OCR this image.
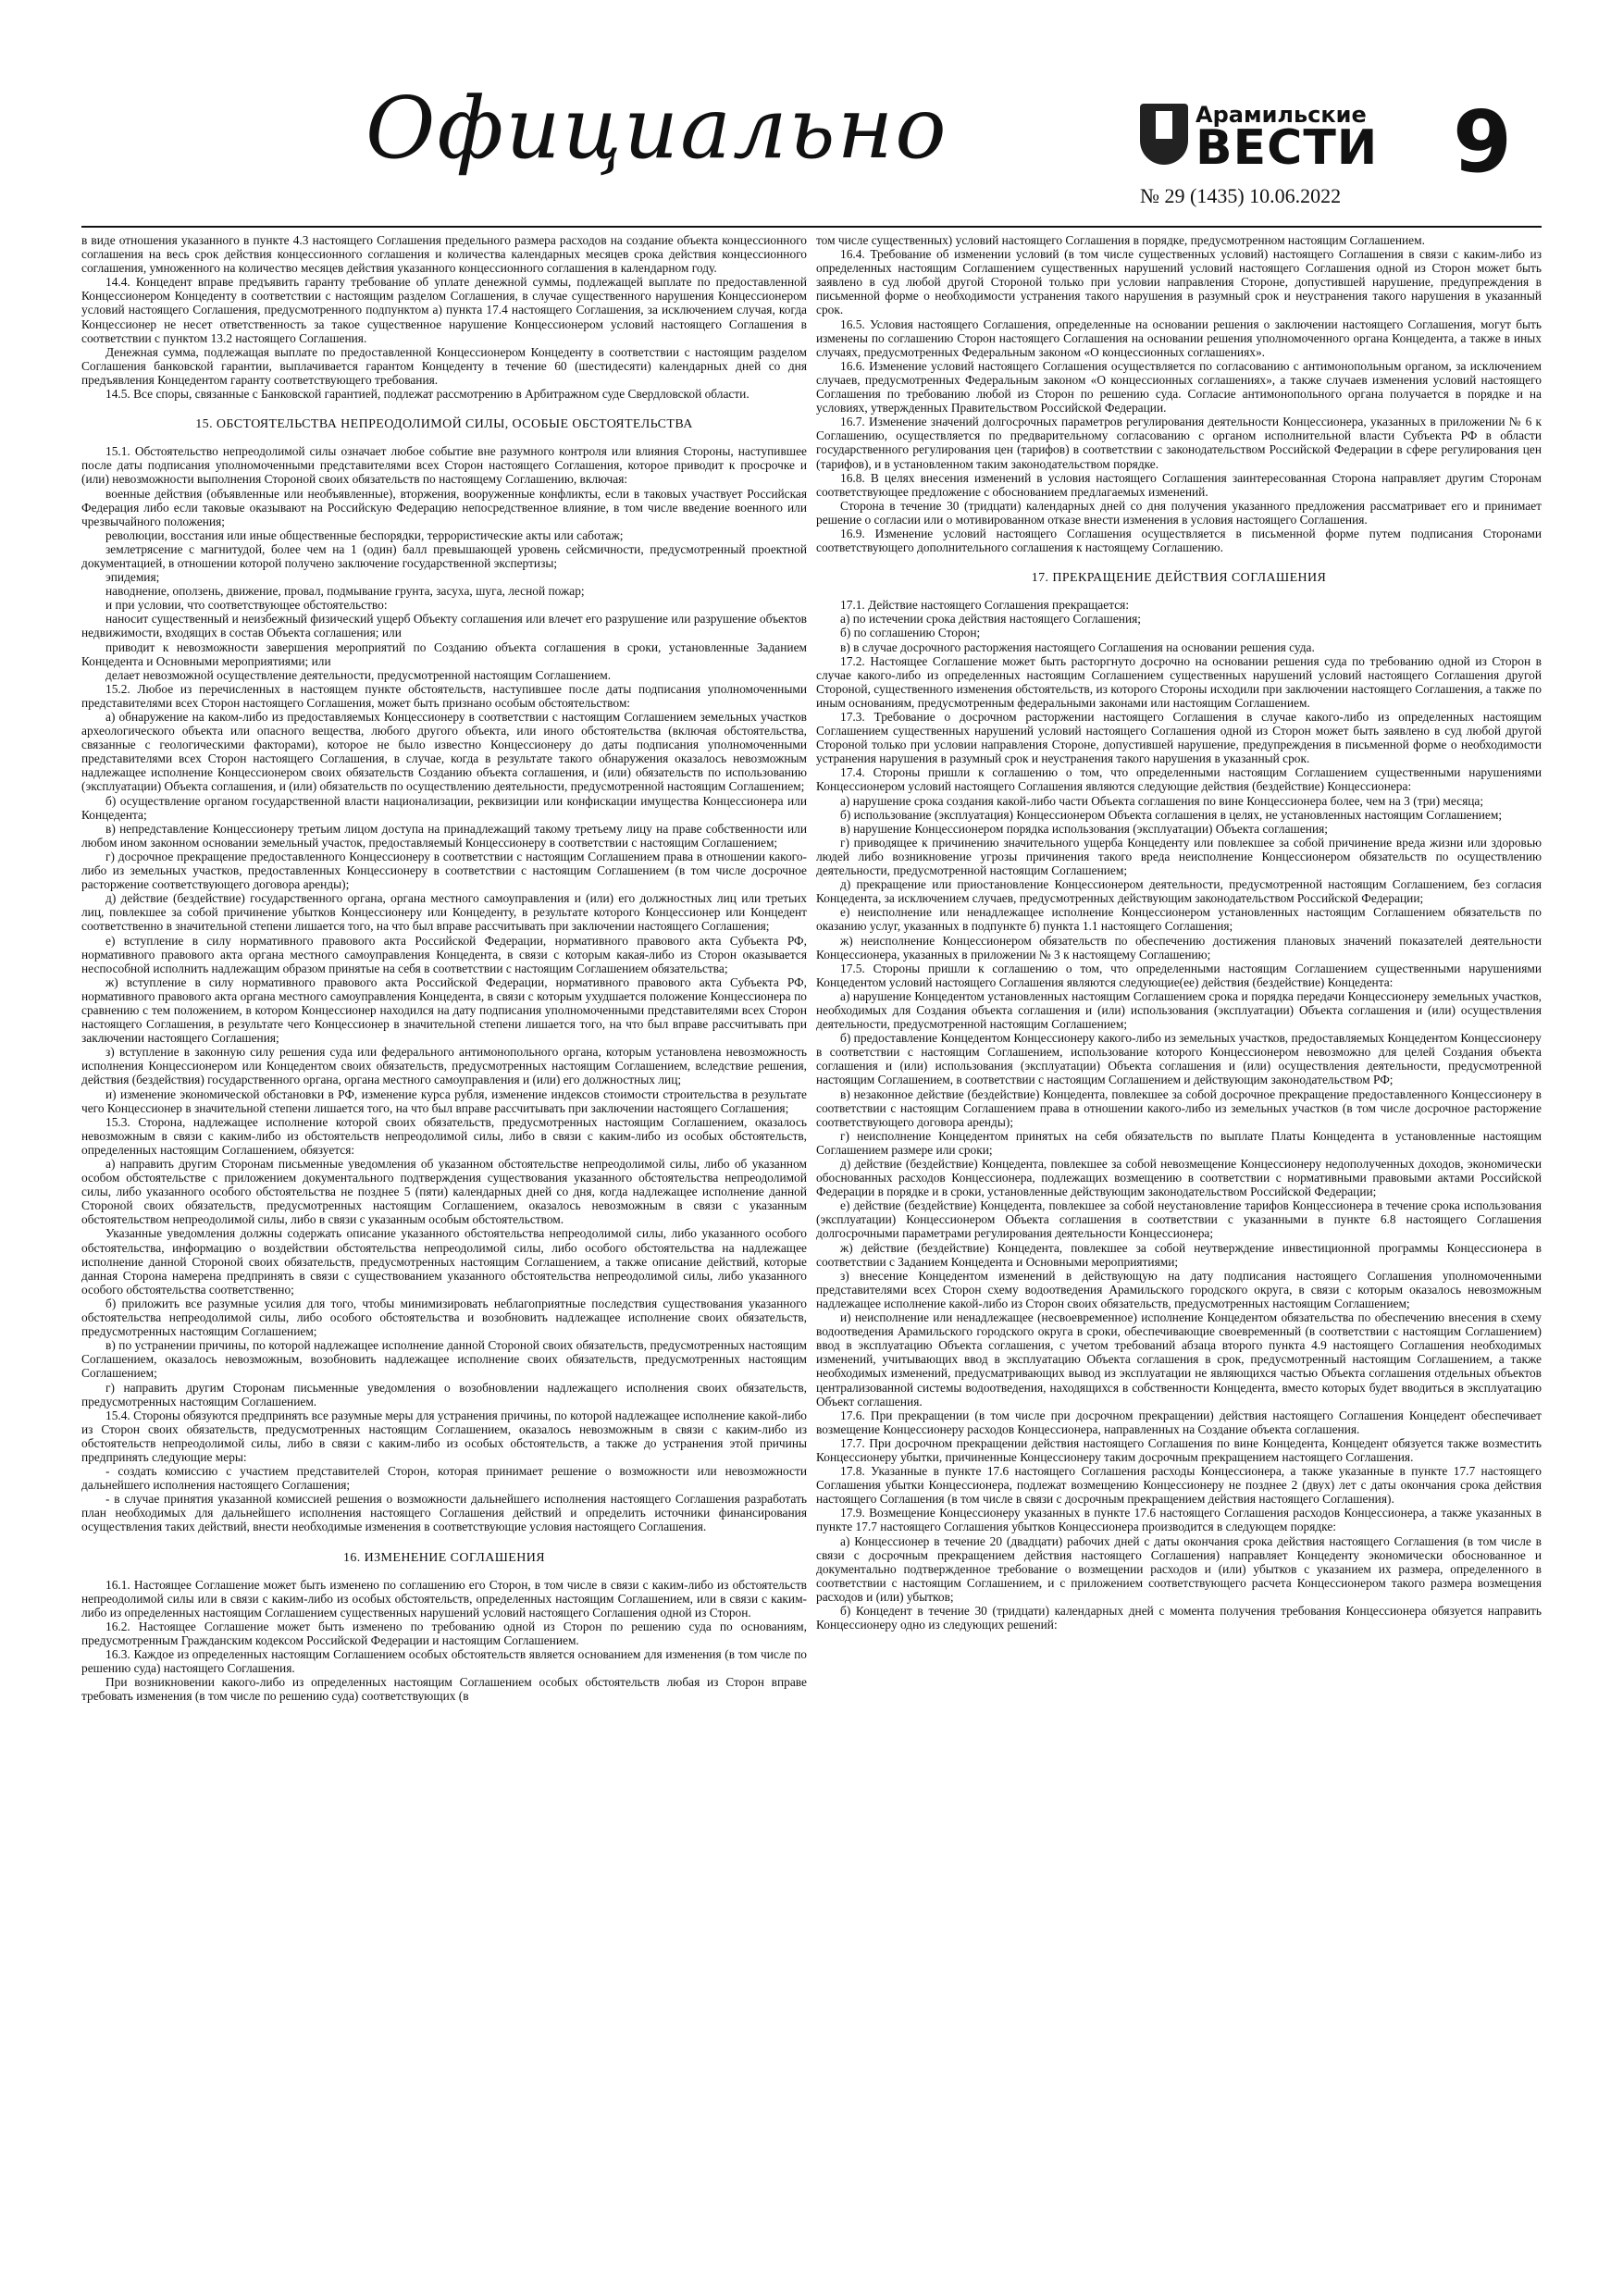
Официально	Арамильские
ВЕСТИ
№ 29 (1435) 10.06.2022
9

в виде отношения указанного в пункте 4.3 настоящего Соглашения предельного размера расходов на создание объекта концессионного соглашения на весь срок действия концессионного соглашения и количества календарных месяцев срока действия концессионного соглашения, умноженного на количество месяцев действия указанного концессионного соглашения в календарном году.

14.4. Концедент вправе предъявить гаранту требование об уплате денежной суммы, подлежащей выплате по предоставленной Концессионером Концеденту в соответствии с настоящим разделом Соглашения, в случае существенного нарушения Концессионером условий настоящего Соглашения, предусмотренного подпунктом а) пункта 17.4 настоящего Соглашения, за исключением случая, когда Концессионер не несет ответственность за такое существенное нарушение Концессионером условий настоящего Соглашения в соответствии с пунктом 13.2 настоящего Соглашения.

Денежная сумма, подлежащая выплате по предоставленной Концессионером Концеденту в соответствии с настоящим разделом Соглашения банковской гарантии, выплачивается гарантом Концеденту в течение 60 (шестидесяти) календарных дней со дня предъявления Концедентом гаранту соответствующего требования.

14.5. Все споры, связанные с Банковской гарантией, подлежат рассмотрению в Арбитражном суде Свердловской области.

15. ОБСТОЯТЕЛЬСТВА НЕПРЕОДОЛИМОЙ СИЛЫ, ОСОБЫЕ ОБСТОЯТЕЛЬСТВА

15.1. Обстоятельство непреодолимой силы означает любое событие вне разумного контроля или влияния Стороны, наступившее после даты подписания уполномоченными представителями всех Сторон настоящего Соглашения, которое приводит к просрочке и (или) невозможности выполнения Стороной своих обязательств по настоящему Соглашению, включая:

военные действия (объявленные или необъявленные), вторжения, вооруженные конфликты, если в таковых участвует Российская Федерация либо если таковые оказывают на Российскую Федерацию непосредственное влияние, в том числе введение военного или чрезвычайного положения;

революции, восстания или иные общественные беспорядки, террористические акты или саботаж;

землетрясение с магнитудой, более чем на 1 (один) балл превышающей уровень сейсмичности, предусмотренный проектной документацией, в отношении которой получено заключение государственной экспертизы;

эпидемия;

наводнение, оползень, движение, провал, подмывание грунта, засуха, шуга, лесной пожар;

и при условии, что соответствующее обстоятельство:

наносит существенный и неизбежный физический ущерб Объекту соглашения или влечет его разрушение или разрушение объектов недвижимости, входящих в состав Объекта соглашения; или

приводит к невозможности завершения мероприятий по Созданию объекта соглашения в сроки, установленные Заданием Концедента и Основными мероприятиями; или

делает невозможной осуществление деятельности, предусмотренной настоящим Соглашением.

15.2. Любое из перечисленных в настоящем пункте обстоятельств, наступившее после даты подписания уполномоченными представителями всех Сторон настоящего Соглашения, может быть признано особым обстоятельством:

а) обнаружение на каком-либо из предоставляемых Концессионеру в соответствии с настоящим Соглашением земельных участков археологического объекта или опасного вещества, любого другого объекта, или иного обстоятельства (включая обстоятельства, связанные с геологическими факторами), которое не было известно Концессионеру до даты подписания уполномоченными представителями всех Сторон настоящего Соглашения, в случае, когда в результате такого обнаружения оказалось невозможным надлежащее исполнение Концессионером своих обязательств Созданию объекта соглашения, и (или) обязательств по использованию (эксплуатации) Объекта соглашения, и (или) обязательств по осуществлению деятельности, предусмотренной настоящим Соглашением;

б) осуществление органом государственной власти национализации, реквизиции или конфискации имущества Концессионера или Концедента;

в) непредставление Концессионеру третьим лицом доступа на принадлежащий такому третьему лицу на праве собственности или любом ином законном основании земельный участок, предоставляемый Концессионеру в соответствии с настоящим Соглашением;

г) досрочное прекращение предоставленного Концессионеру в соответствии с настоящим Соглашением права в отношении какого-либо из земельных участков, предоставленных Концессионеру в соответствии с настоящим Соглашением (в том числе досрочное расторжение соответствующего договора аренды);

д) действие (бездействие) государственного органа, органа местного самоуправления и (или) его должностных лиц или третьих лиц, повлекшее за собой причинение убытков Концессионеру или Концеденту, в результате которого Концессионер или Концедент соответственно в значительной степени лишается того, на что был вправе рассчитывать при заключении настоящего Соглашения;

е) вступление в силу нормативного правового акта Российской Федерации, нормативного правового акта Субъекта РФ, нормативного правового акта органа местного самоуправления Концедента, в связи с которым какая-либо из Сторон оказывается неспособной исполнить надлежащим образом принятые на себя в соответствии с настоящим Соглашением обязательства;

ж) вступление в силу нормативного правового акта Российской Федерации, нормативного правового акта Субъекта РФ, нормативного правового акта органа местного самоуправления Концедента, в связи с которым ухудшается положение Концессионера по сравнению с тем положением, в котором Концессионер находился на дату подписания уполномоченными представителями всех Сторон настоящего Соглашения, в результате чего Концессионер в значительной степени лишается того, на что был вправе рассчитывать при заключении настоящего Соглашения;

з) вступление в законную силу решения суда или федерального антимонопольного органа, которым установлена невозможность исполнения Концессионером или Концедентом своих обязательств, предусмотренных настоящим Соглашением, вследствие решения, действия (бездействия) государственного органа, органа местного самоуправления и (или) его должностных лиц;

и) изменение экономической обстановки в РФ, изменение курса рубля, изменение индексов стоимости строительства в результате чего Концессионер в значительной степени лишается того, на что был вправе рассчитывать при заключении настоящего Соглашения;

15.3. Сторона, надлежащее исполнение которой своих обязательств, предусмотренных настоящим Соглашением, оказалось невозможным в связи с каким-либо из обстоятельств непреодолимой силы, либо в связи с каким-либо из особых обстоятельств, определенных настоящим Соглашением, обязуется:

а) направить другим Сторонам письменные уведомления об указанном обстоятельстве непреодолимой силы, либо об указанном особом обстоятельстве с приложением документального подтверждения существования указанного обстоятельства непреодолимой силы, либо указанного особого обстоятельства не позднее 5 (пяти) календарных дней со дня, когда надлежащее исполнение данной Стороной своих обязательств, предусмотренных настоящим Соглашением, оказалось невозможным в связи с указанным обстоятельством непреодолимой силы, либо в связи с указанным особым обстоятельством.

Указанные уведомления должны содержать описание указанного обстоятельства непреодолимой силы, либо указанного особого обстоятельства, информацию о воздействии обстоятельства непреодолимой силы, либо особого обстоятельства на надлежащее исполнение данной Стороной своих обязательств, предусмотренных настоящим Соглашением, а также описание действий, которые данная Сторона намерена предпринять в связи с существованием указанного обстоятельства непреодолимой силы, либо указанного особого обстоятельства соответственно;

б) приложить все разумные усилия для того, чтобы минимизировать неблагоприятные последствия существования указанного обстоятельства непреодолимой силы, либо особого обстоятельства и возобновить надлежащее исполнение своих обязательств, предусмотренных настоящим Соглашением;

в) по устранении причины, по которой надлежащее исполнение данной Стороной своих обязательств, предусмотренных настоящим Соглашением, оказалось невозможным, возобновить надлежащее исполнение своих обязательств, предусмотренных настоящим Соглашением;

г) направить другим Сторонам письменные уведомления о возобновлении надлежащего исполнения своих обязательств, предусмотренных настоящим Соглашением.

15.4. Стороны обязуются предпринять все разумные меры для устранения причины, по которой надлежащее исполнение какой-либо из Сторон своих обязательств, предусмотренных настоящим Соглашением, оказалось невозможным в связи с каким-либо из обстоятельств непреодолимой силы, либо в связи с каким-либо из особых обстоятельств, а также до устранения этой причины предпринять следующие меры:

- создать комиссию с участием представителей Сторон, которая принимает решение о возможности или невозможности дальнейшего исполнения настоящего Соглашения;

- в случае принятия указанной комиссией решения о возможности дальнейшего исполнения настоящего Соглашения разработать план необходимых для дальнейшего исполнения настоящего Соглашения действий и определить источники финансирования осуществления таких действий, внести необходимые изменения в соответствующие условия настоящего Соглашения.

16. ИЗМЕНЕНИЕ СОГЛАШЕНИЯ

16.1. Настоящее Соглашение может быть изменено по соглашению его Сторон, в том числе в связи с каким-либо из обстоятельств непреодолимой силы или в связи с каким-либо из особых обстоятельств, определенных настоящим Соглашением, или в связи с каким-либо из определенных настоящим Соглашением существенных нарушений условий настоящего Соглашения одной из Сторон.

16.2. Настоящее Соглашение может быть изменено по требованию одной из Сторон по решению суда по основаниям, предусмотренным Гражданским кодексом Российской Федерации и настоящим Соглашением.

16.3. Каждое из определенных настоящим Соглашением особых обстоятельств является основанием для изменения (в том числе по решению суда) настоящего Соглашения.

При возникновении какого-либо из определенных настоящим Соглашением особых обстоятельств любая из Сторон вправе требовать изменения (в том числе по решению суда) соответствующих (в

том числе существенных) условий настоящего Соглашения в порядке, предусмотренном настоящим Соглашением.

16.4. Требование об изменении условий (в том числе существенных условий) настоящего Соглашения в связи с каким-либо из определенных настоящим Соглашением существенных нарушений условий настоящего Соглашения одной из Сторон может быть заявлено в суд любой другой Стороной только при условии направления Стороне, допустившей нарушение, предупреждения в письменной форме о необходимости устранения такого нарушения в разумный срок и неустранения такого нарушения в указанный срок.

16.5. Условия настоящего Соглашения, определенные на основании решения о заключении настоящего Соглашения, могут быть изменены по соглашению Сторон настоящего Соглашения на основании решения уполномоченного органа Концедента, а также в иных случаях, предусмотренных Федеральным законом «О концессионных соглашениях».

16.6. Изменение условий настоящего Соглашения осуществляется по согласованию с антимонопольным органом, за исключением случаев, предусмотренных Федеральным законом «О концессионных соглашениях», а также случаев изменения условий настоящего Соглашения по требованию любой из Сторон по решению суда. Согласие антимонопольного органа получается в порядке и на условиях, утвержденных Правительством Российской Федерации.

16.7. Изменение значений долгосрочных параметров регулирования деятельности Концессионера, указанных в приложении № 6 к Соглашению, осуществляется по предварительному согласованию с органом исполнительной власти Субъекта РФ в области государственного регулирования цен (тарифов) в соответствии с законодательством Российской Федерации в сфере регулирования цен (тарифов), и в установленном таким законодательством порядке.

16.8. В целях внесения изменений в условия настоящего Соглашения заинтересованная Сторона направляет другим Сторонам соответствующее предложение с обоснованием предлагаемых изменений.

Сторона в течение 30 (тридцати) календарных дней со дня получения указанного предложения рассматривает его и принимает решение о согласии или о мотивированном отказе внести изменения в условия настоящего Соглашения.

16.9. Изменение условий настоящего Соглашения осуществляется в письменной форме путем подписания Сторонами соответствующего дополнительного соглашения к настоящему Соглашению.

17. ПРЕКРАЩЕНИЕ ДЕЙСТВИЯ СОГЛАШЕНИЯ

17.1. Действие настоящего Соглашения прекращается:

а) по истечении срока действия настоящего Соглашения;

б) по соглашению Сторон;

в) в случае досрочного расторжения настоящего Соглашения на основании решения суда.

17.2. Настоящее Соглашение может быть расторгнуто досрочно на основании решения суда по требованию одной из Сторон в случае какого-либо из определенных настоящим Соглашением существенных нарушений условий настоящего Соглашения другой Стороной, существенного изменения обстоятельств, из которого Стороны исходили при заключении настоящего Соглашения, а также по иным основаниям, предусмотренным федеральными законами или настоящим Соглашением.

17.3. Требование о досрочном расторжении настоящего Соглашения в случае какого-либо из определенных настоящим Соглашением существенных нарушений условий настоящего Соглашения одной из Сторон может быть заявлено в суд любой другой Стороной только при условии направления Стороне, допустившей нарушение, предупреждения в письменной форме о необходимости устранения нарушения в разумный срок и неустранения такого нарушения в указанный срок.

17.4. Стороны пришли к соглашению о том, что определенными настоящим Соглашением существенными нарушениями Концессионером условий настоящего Соглашения являются следующие действия (бездействие) Концессионера:

а) нарушение срока создания какой-либо части Объекта соглашения по вине Концессионера более, чем на 3 (три) месяца;

б) использование (эксплуатация) Концессионером Объекта соглашения в целях, не установленных настоящим Соглашением;

в) нарушение Концессионером порядка использования (эксплуатации) Объекта соглашения;

г) приводящее к причинению значительного ущерба Концеденту или повлекшее за собой причинение вреда жизни или здоровью людей либо возникновение угрозы причинения такого вреда неисполнение Концессионером обязательств по осуществлению деятельности, предусмотренной настоящим Соглашением;

д) прекращение или приостановление Концессионером деятельности, предусмотренной настоящим Соглашением, без согласия Концедента, за исключением случаев, предусмотренных действующим законодательством Российской Федерации;

е) неисполнение или ненадлежащее исполнение Концессионером установленных настоящим Соглашением обязательств по оказанию услуг, указанных в подпункте б) пункта 1.1 настоящего Соглашения;

ж) неисполнение Концессионером обязательств по обеспечению достижения плановых значений показателей деятельности Концессионера, указанных в приложении № 3 к настоящему Соглашению;

17.5. Стороны пришли к соглашению о том, что определенными настоящим Соглашением существенными нарушениями Концедентом условий настоящего Соглашения являются следующие(ее) действия (бездействие) Концедента:

а) нарушение Концедентом установленных настоящим Соглашением срока и порядка передачи Концессионеру земельных участков, необходимых для Создания объекта соглашения и (или) использования (эксплуатации) Объекта соглашения и (или) осуществления деятельности, предусмотренной настоящим Соглашением;

б) предоставление Концедентом Концессионеру какого-либо из земельных участков, предоставляемых Концедентом Концессионеру в соответствии с настоящим Соглашением, использование которого Концессионером невозможно для целей Создания объекта соглашения и (или) использования (эксплуатации) Объекта соглашения и (или) осуществления деятельности, предусмотренной настоящим Соглашением, в соответствии с настоящим Соглашением и действующим законодательством РФ;

в) незаконное действие (бездействие) Концедента, повлекшее за собой досрочное прекращение предоставленного Концессионеру в соответствии с настоящим Соглашением права в отношении какого-либо из земельных участков (в том числе досрочное расторжение соответствующего договора аренды);

г) неисполнение Концедентом принятых на себя обязательств по выплате Платы Концедента в установленные настоящим Соглашением размере или сроки;

д) действие (бездействие) Концедента, повлекшее за собой невозмещение Концессионеру недополученных доходов, экономически обоснованных расходов Концессионера, подлежащих возмещению в соответствии с нормативными правовыми актами Российской Федерации в порядке и в сроки, установленные действующим законодательством Российской Федерации;

е) действие (бездействие) Концедента, повлекшее за собой неустановление тарифов Концессионера в течение срока использования (эксплуатации) Концессионером Объекта соглашения в соответствии с указанными в пункте 6.8 настоящего Соглашения долгосрочными параметрами регулирования деятельности Концессионера;

ж) действие (бездействие) Концедента, повлекшее за собой неутверждение инвестиционной программы Концессионера в соответствии с Заданием Концедента и Основными мероприятиями;

з) внесение Концедентом изменений в действующую на дату подписания настоящего Соглашения уполномоченными представителями всех Сторон схему водоотведения Арамильского городского округа, в связи с которым оказалось невозможным надлежащее исполнение какой-либо из Сторон своих обязательств, предусмотренных настоящим Соглашением;

и) неисполнение или ненадлежащее (несвоевременное) исполнение Концедентом обязательства по обеспечению внесения в схему водоотведения Арамильского городского округа в сроки, обеспечивающие своевременный (в соответствии с настоящим Соглашением) ввод в эксплуатацию Объекта соглашения, с учетом требований абзаца второго пункта 4.9 настоящего Соглашения необходимых изменений, учитывающих ввод в эксплуатацию Объекта соглашения в срок, предусмотренный настоящим Соглашением, а также необходимых изменений, предусматривающих вывод из эксплуатации не являющихся частью Объекта соглашения отдельных объектов централизованной системы водоотведения, находящихся в собственности Концедента, вместо которых будет вводиться в эксплуатацию Объект соглашения.

17.6. При прекращении (в том числе при досрочном прекращении) действия настоящего Соглашения Концедент обеспечивает возмещение Концессионеру расходов Концессионера, направленных на Создание объекта соглашения.

17.7. При досрочном прекращении действия настоящего Соглашения по вине Концедента, Концедент обязуется также возместить Концессионеру убытки, причиненные Концессионеру таким досрочным прекращением настоящего Соглашения.

17.8. Указанные в пункте 17.6 настоящего Соглашения расходы Концессионера, а также указанные в пункте 17.7 настоящего Соглашения убытки Концессионера, подлежат возмещению Концессионеру не позднее 2 (двух) лет с даты окончания срока действия настоящего Соглашения (в том числе в связи с досрочным прекращением действия настоящего Соглашения).

17.9. Возмещение Концессионеру указанных в пункте 17.6 настоящего Соглашения расходов Концессионера, а также указанных в пункте 17.7 настоящего Соглашения убытков Концессионера производится в следующем порядке:

а) Концессионер в течение 20 (двадцати) рабочих дней с даты окончания срока действия настоящего Соглашения (в том числе в связи с досрочным прекращением действия настоящего Соглашения) направляет Концеденту экономически обоснованное и документально подтвержденное требование о возмещении расходов и (или) убытков с указанием их размера, определенного в соответствии с настоящим Соглашением, и с приложением соответствующего расчета Концессионером такого размера возмещения расходов и (или) убытков;

б) Концедент в течение 30 (тридцати) календарных дней с момента получения требования Концессионера обязуется направить Концессионеру одно из следующих решений:
